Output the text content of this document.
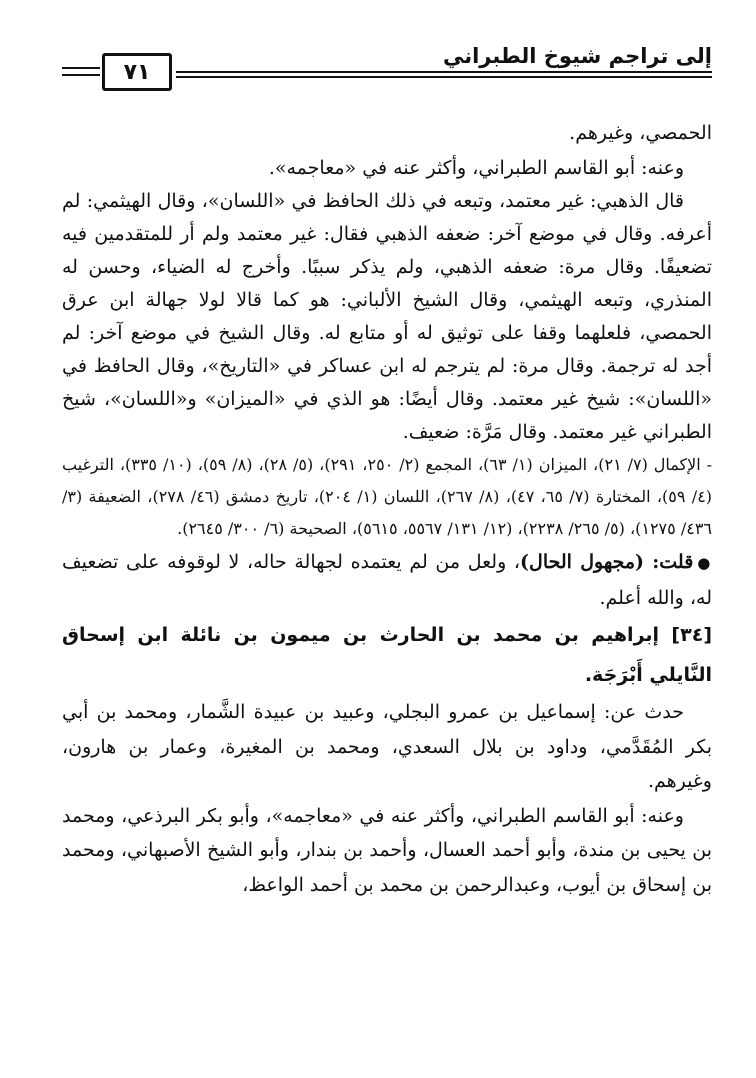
إلى تراجم شيوخ الطبراني
٧١

الحمصي، وغيرهم.

وعنه: أبو القاسم الطبراني، وأكثر عنه في «معاجمه».

قال الذهبي: غير معتمد، وتبعه في ذلك الحافظ في «اللسان»، وقال الهيثمي: لم أعرفه. وقال في موضع آخر: ضعفه الذهبي فقال: غير معتمد ولم أر للمتقدمين فيه تضعيفًا. وقال مرة: ضعفه الذهبي، ولم يذكر سببًا. وأخرج له الضياء، وحسن له المنذري، وتبعه الهيثمي، وقال الشيخ الألباني: هو كما قالا لولا جهالة ابن عرق الحمصي، فلعلهما وقفا على توثيق له أو متابع له. وقال الشيخ في موضع آخر: لم أجد له ترجمة. وقال مرة: لم يترجم له ابن عساكر في «التاريخ»، وقال الحافظ في «اللسان»: شيخ غير معتمد. وقال أيضًا: هو الذي في «الميزان» و«اللسان»، شيخ الطبراني غير معتمد. وقال مَرَّة: ضعيف.

- الإكمال (٧/ ٢١)، الميزان (١/ ٦٣)، المجمع (٢/ ٢٥٠، ٢٩١)، (٥/ ٢٨)، (٨/ ٥٩)، (١٠/ ٣٣٥)، الترغيب (٤/ ٥٩)، المختارة (٧/ ٦٥، ٤٧)، (٨/ ٢٦٧)، اللسان (١/ ٢٠٤)، تاريخ دمشق (٤٦/ ٢٧٨)، الضعيفة (٣/ ٤٣٦/ ١٢٧٥)، (٥/ ٢٦٥/ ٢٢٣٨)، (١٢/ ١٣١/ ٥٥٦٧، ٥٦١٥)، الصحيحة (٦/ ٣٠٠/ ٢٦٤٥).

●قلت: (مجهول الحال)، ولعل من لم يعتمده لجهالة حاله، لا لوقوفه على تضعيف له، والله أعلم.

[٣٤] إبراهيم بن محمد بن الحارث بن ميمون بن نائلة ابن إسحاق النَّايلي أَبْرَجَة.

حدث عن: إسماعيل بن عمرو البجلي، وعبيد بن عبيدة الشَّمار، ومحمد بن أبي بكر المُقَدَّمي، وداود بن بلال السعدي، ومحمد بن المغيرة، وعمار بن هارون، وغيرهم.

وعنه: أبو القاسم الطبراني، وأكثر عنه في «معاجمه»، وأبو بكر البرذعي، ومحمد بن يحيى بن مندة، وأبو أحمد العسال، وأحمد بن بندار، وأبو الشيخ الأصبهاني، ومحمد بن إسحاق بن أيوب، وعبدالرحمن بن محمد بن أحمد الواعظ،
